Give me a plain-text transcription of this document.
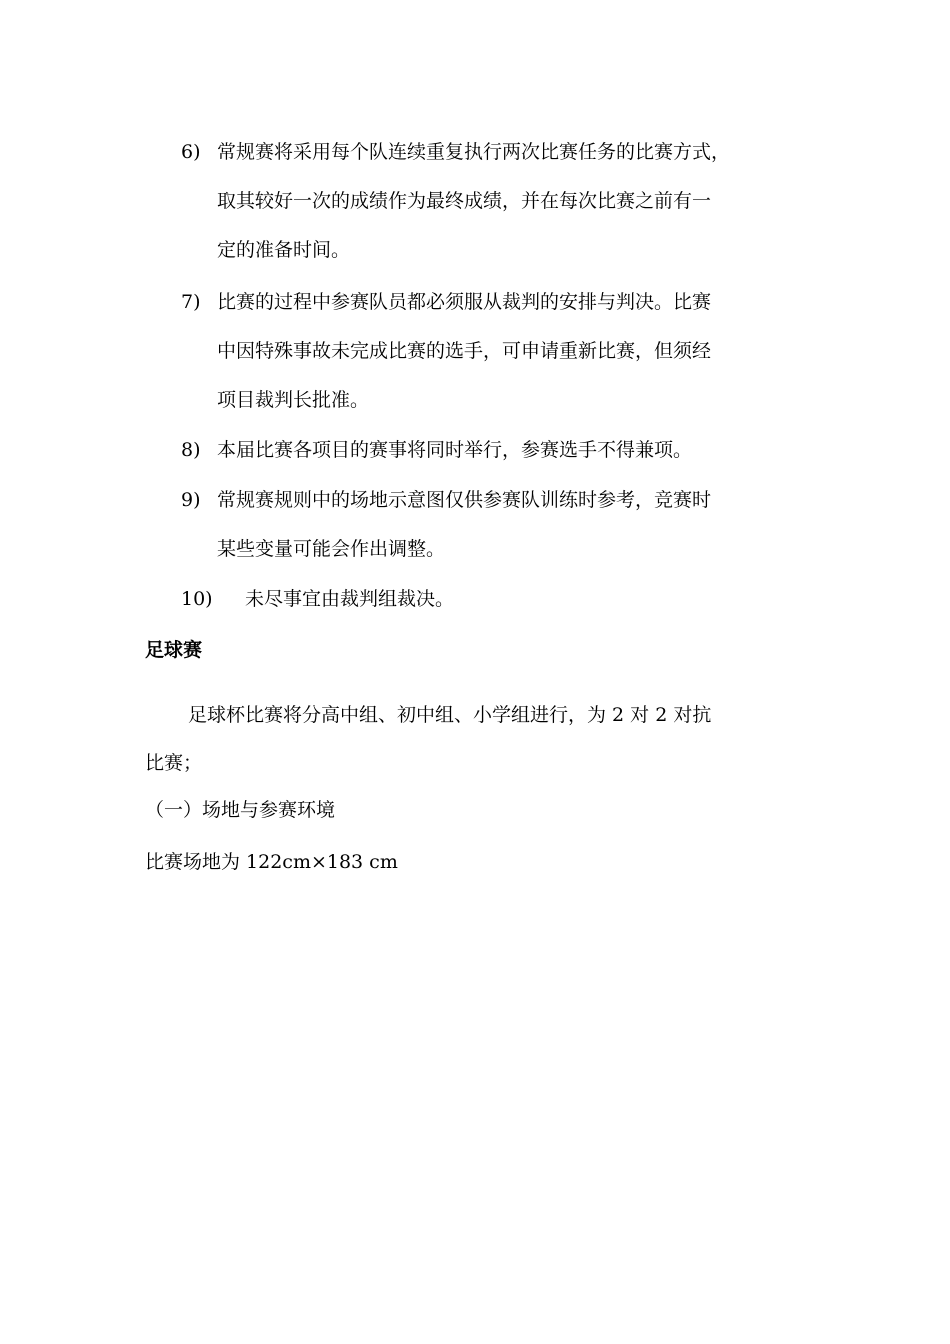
6) 常规赛将采用每个队连续重复执行两次比赛任务的比赛方式，
取其较好一次的成绩作为最终成绩，并在每次比赛之前有一
定的准备时间。
7) 比赛的过程中参赛队员都必须服从裁判的安排与判决。比赛
中因特殊事故未完成比赛的选手，可申请重新比赛，但须经
项目裁判长批准。
8) 本届比赛各项目的赛事将同时举行，参赛选手不得兼项。
9) 常规赛规则中的场地示意图仅供参赛队训练时参考，竞赛时
某些变量可能会作出调整。
10) 未尽事宜由裁判组裁决。
足球赛
足球杯比赛将分高中组、初中组、小学组进行，为 2 对 2 对抗
比赛；
（一）场地与参赛环境
比赛场地为 122cm×183 cm
